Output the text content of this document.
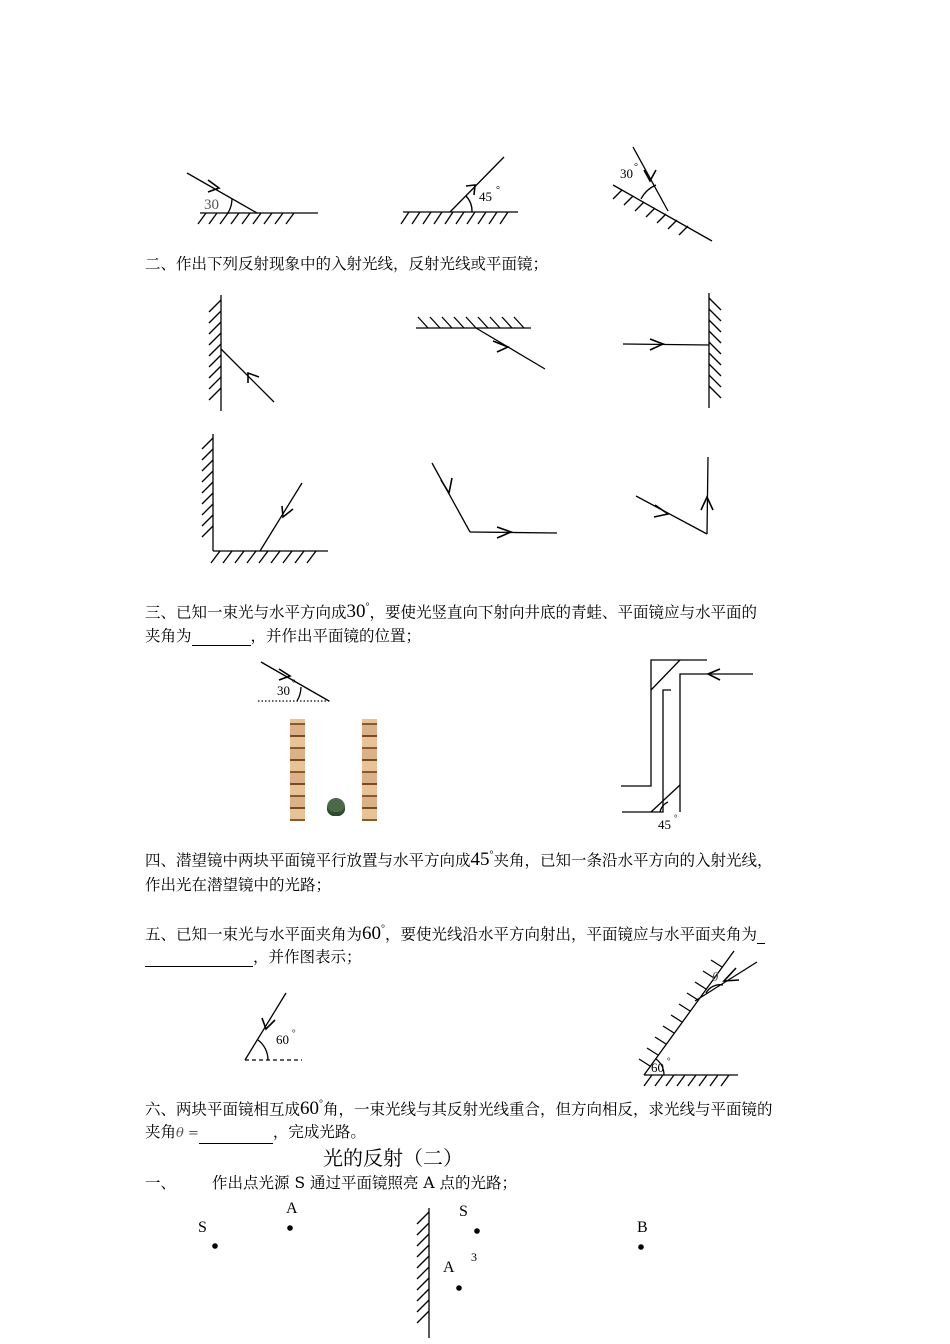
30
45 °
30 °
30 °
45 °
60 °
θ
60 °
S
A	S
A
3
B
二、作出下列反射现象中的入射光线，反射光线或平面镜；
三、已知一束光与水平方向成30°，要使光竖直向下射向井底的青蛙、平面镜应与水平面的
夹角为	，并作出平面镜的位置；
四、潜望镜中两块平面镜平行放置与水平方向成45°夹角，已知一条沿水平方向的入射光线，
作出光在潜望镜中的光路；
五、已知一束光与水平面夹角为60°，要使光线沿水平方向射出，平面镜应与水平面夹角为
，并作图表示；
六、两块平面镜相互成60°角，一束光线与其反射光线重合，但方向相反，求光线与平面镜的
夹角θ =	，完成光路。
光的反射（二）
一、 作出点光源 S 通过平面镜照亮 A 点的光路；
